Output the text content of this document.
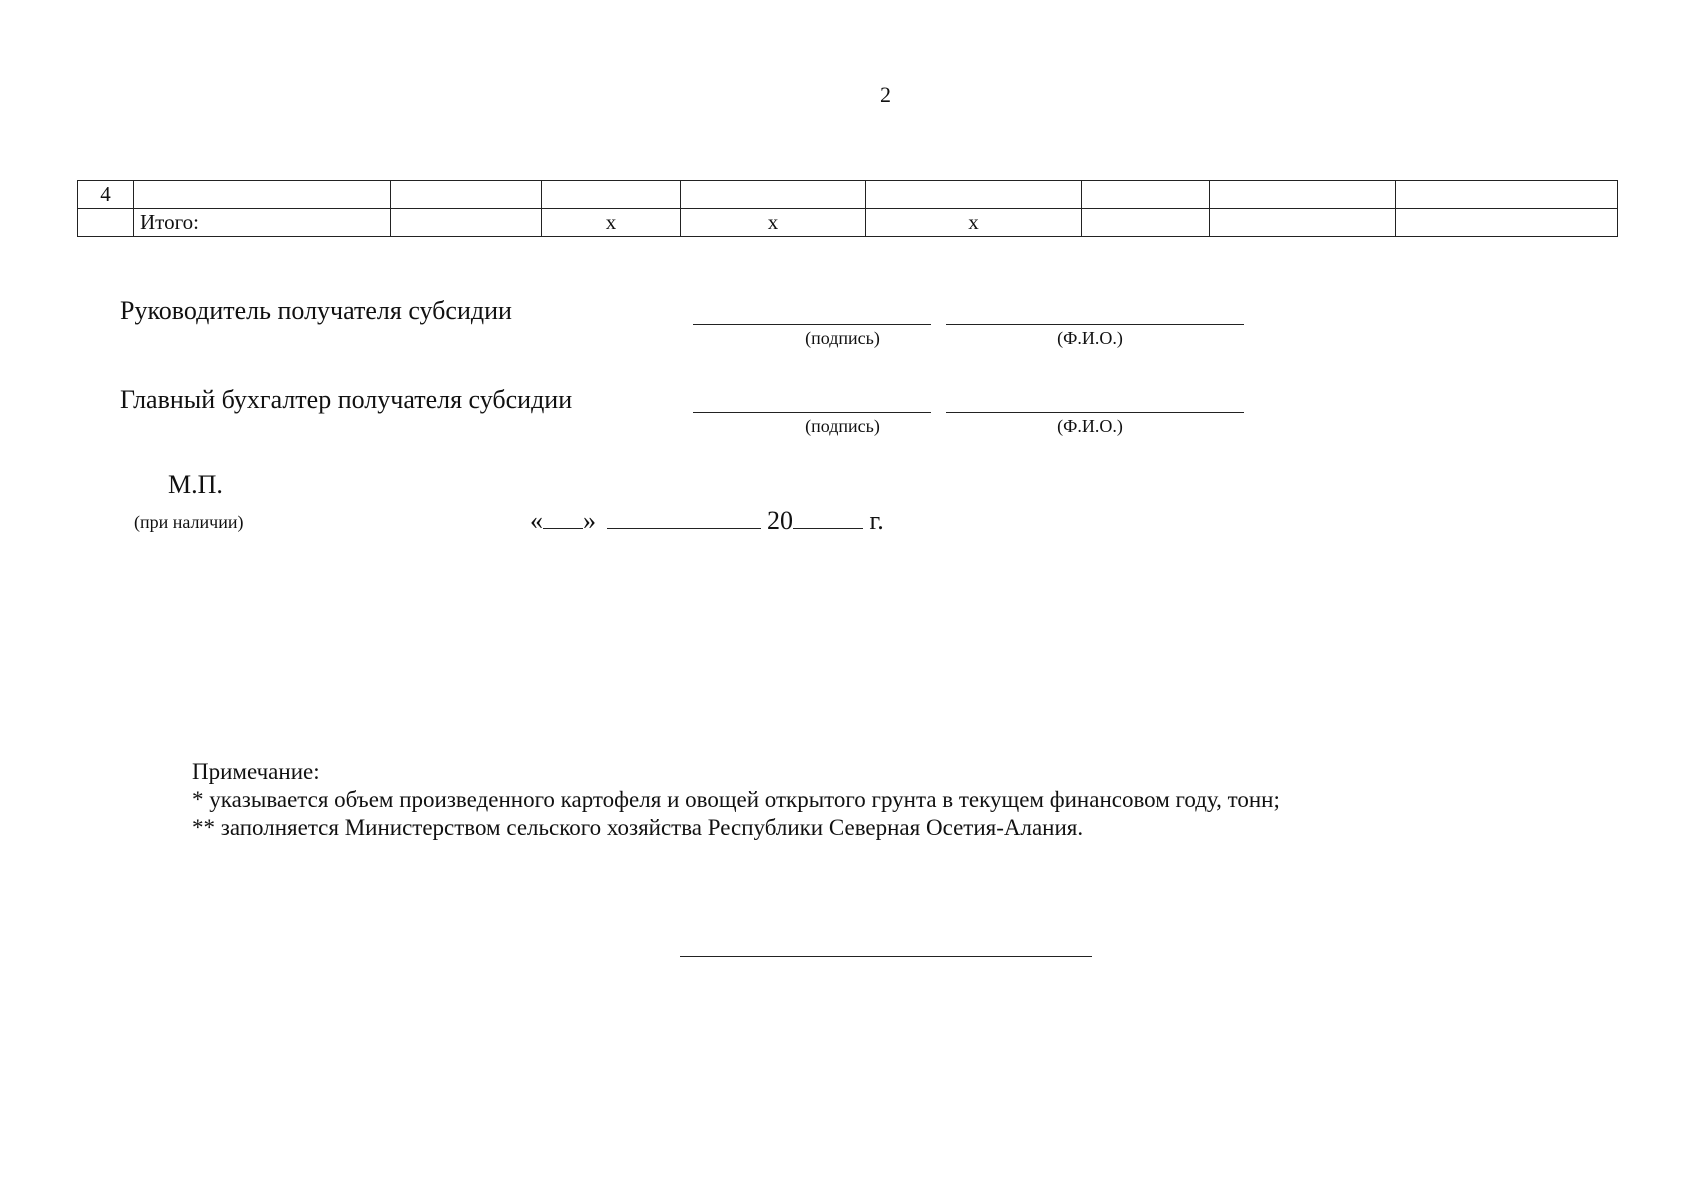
2
4								
	Итого:		х	х	х			
Руководитель получателя субсидии
(подпись)	(Ф.И.О.)
Главный бухгалтер получателя субсидии
(подпись)	(Ф.И.О.)
М.П.
(при наличии)	« »	20	г.
Примечание:
* указывается объем произведенного картофеля и овощей открытого грунта в текущем финансовом году, тонн;
** заполняется Министерством сельского хозяйства Республики Северная Осетия-Алания.
